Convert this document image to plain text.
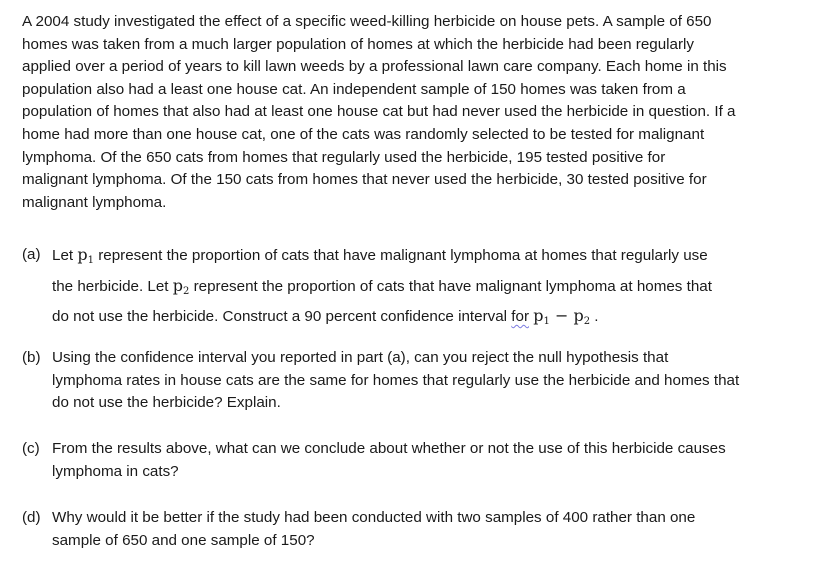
A 2004 study investigated the effect of a specific weed-killing herbicide on house pets. A sample of 650
homes was taken from a much larger population of homes at which the herbicide had been regularly
applied over a period of years to kill lawn weeds by a professional lawn care company. Each home in this
population also had a least one house cat. An independent sample of 150 homes was taken from a
population of homes that also had at least one house cat but had never used the herbicide in question. If a
home had more than one house cat, one of the cats was randomly selected to be tested for malignant
lymphoma. Of the 650 cats from homes that regularly used the herbicide, 195 tested positive for
malignant lymphoma. Of the 150 cats from homes that never used the herbicide, 30 tested positive for
malignant lymphoma.
(a) Let $p_1$ represent the proportion of cats that have malignant lymphoma at homes that regularly use
the herbicide. Let $p_2$ represent the proportion of cats that have malignant lymphoma at homes that
do not use the herbicide. Construct a 90 percent confidence interval for $p_1 - p_2$ .
(b) Using the confidence interval you reported in part (a), can you reject the null hypothesis that
lymphoma rates in house cats are the same for homes that regularly use the herbicide and homes that
do not use the herbicide? Explain.
(c) From the results above, what can we conclude about whether or not the use of this herbicide causes
lymphoma in cats?
(d) Why would it be better if the study had been conducted with two samples of 400 rather than one
sample of 650 and one sample of 150?
